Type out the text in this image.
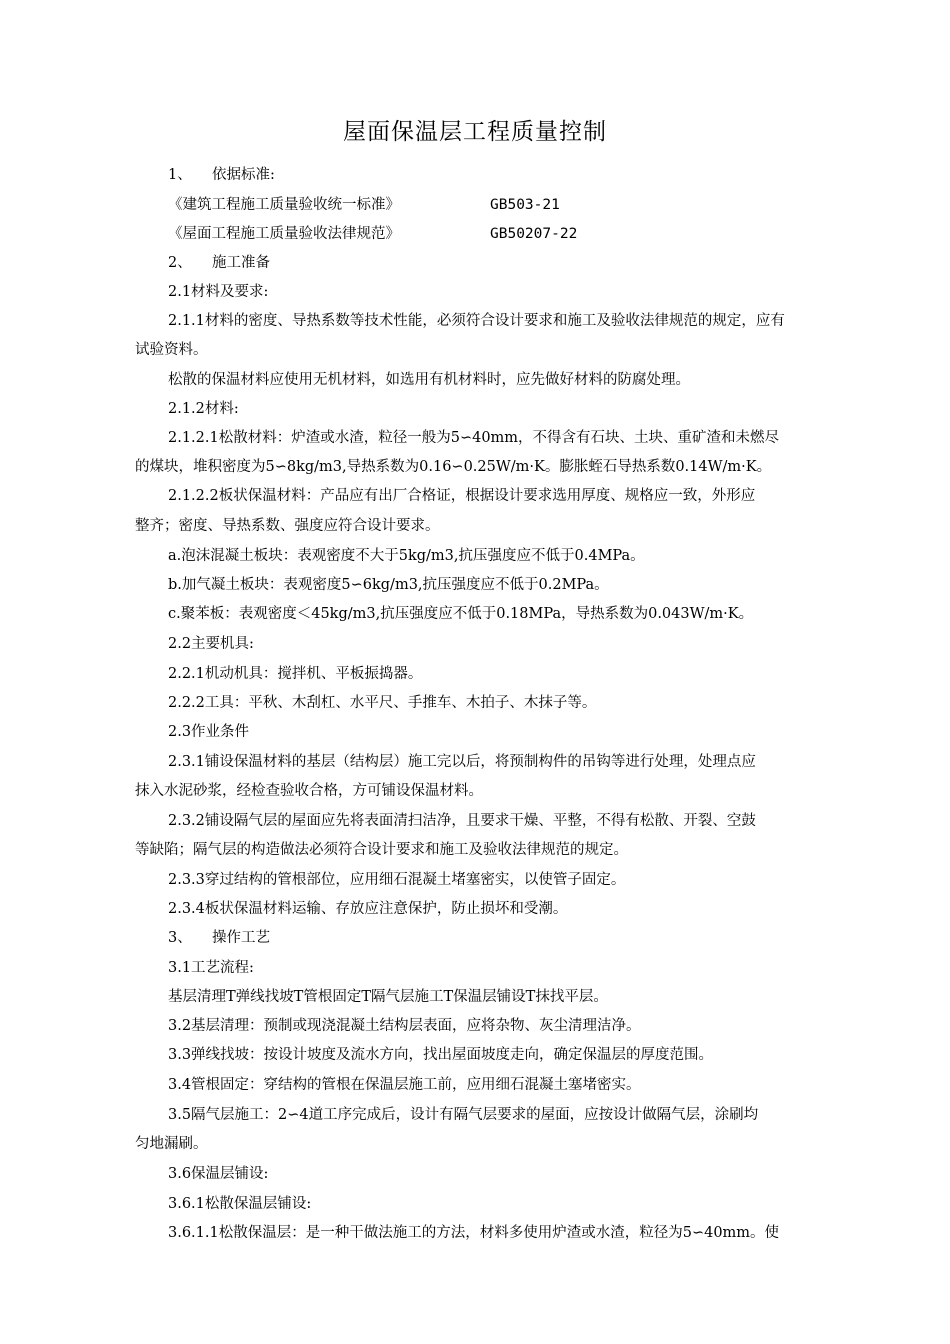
屋面保温层工程质量控制
1、 依据标准:
《建筑工程施工质量验收统一标准》	GB503-21
《屋面工程施工质量验收法律规范》	GB50207-22
2、 施工准备
2.1材料及要求:
2.1.1材料的密度、导热系数等技术性能，必须符合设计要求和施工及验收法律规范的规定，应有
试验资料。
松散的保温材料应使用无机材料，如选用有机材料时，应先做好材料的防腐处理。
2.1.2材料:
2.1.2.1松散材料：炉渣或水渣，粒径一般为5∽40mm，不得含有石块、土块、重矿渣和未燃尽
的煤块，堆积密度为5∽8kg/m3,导热系数为0.16∽0.25W/m·K。膨胀蛭石导热系数0.14W/m·K。
2.1.2.2板状保温材料：产品应有出厂合格证，根据设计要求选用厚度、规格应一致，外形应
整齐；密度、导热系数、强度应符合设计要求。
a.泡沫混凝土板块：表观密度不大于5kg/m3,抗压强度应不低于0.4MPa。
b.加气凝土板块：表观密度5∽6kg/m3,抗压强度应不低于0.2MPa。
c.聚苯板：表观密度＜45kg/m3,抗压强度应不低于0.18MPa，导热系数为0.043W/m·K。
2.2主要机具:
2.2.1机动机具：搅拌机、平板振捣器。
2.2.2工具：平秋、木刮杠、水平尺、手推车、木拍子、木抹子等。
2.3作业条件
2.3.1铺设保温材料的基层（结构层）施工完以后，将预制构件的吊钩等进行处理，处理点应
抹入水泥砂浆，经检查验收合格，方可铺设保温材料。
2.3.2铺设隔气层的屋面应先将表面清扫洁净，且要求干燥、平整，不得有松散、开裂、空鼓
等缺陷；隔气层的构造做法必须符合设计要求和施工及验收法律规范的规定。
2.3.3穿过结构的管根部位，应用细石混凝土堵塞密实，以使管子固定。
2.3.4板状保温材料运输、存放应注意保护，防止损坏和受潮。
3、 操作工艺
3.1工艺流程:
基层清理T弹线找坡T管根固定T隔气层施工T保温层铺设T抹找平层。
3.2基层清理：预制或现浇混凝土结构层表面，应将杂物、灰尘清理洁净。
3.3弹线找坡：按设计坡度及流水方向，找出屋面坡度走向，确定保温层的厚度范围。
3.4管根固定：穿结构的管根在保温层施工前，应用细石混凝土塞堵密实。
3.5隔气层施工：2∽4道工序完成后，设计有隔气层要求的屋面，应按设计做隔气层，涂刷均
匀地漏刷。
3.6保温层铺设:
3.6.1松散保温层铺设:
3.6.1.1松散保温层：是一种干做法施工的方法，材料多使用炉渣或水渣，粒径为5∽40mm。使
